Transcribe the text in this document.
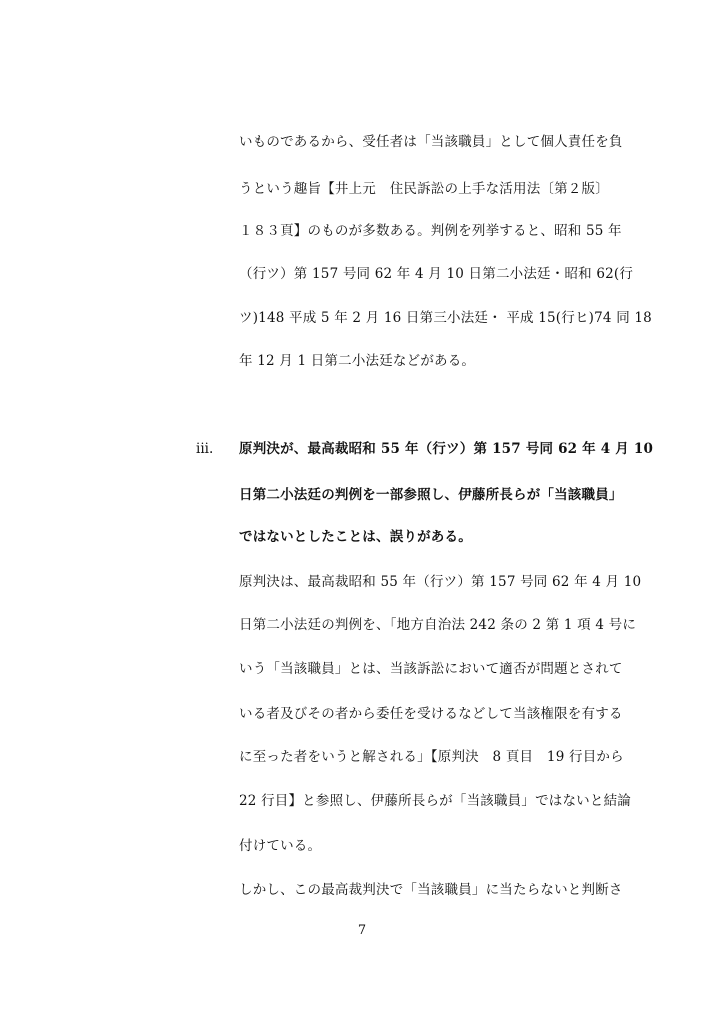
いものであるから、受任者は「当該職員」として個人責任を負
うという趣旨【井上元　住民訴訟の上手な活用法〔第２版〕
１８３頁】のものが多数ある。判例を列挙すると、昭和 55 年
（行ツ）第 157 号同 62 年 4 月 10 日第二小法廷・昭和 62(行
ツ)148 平成 5 年 2 月 16 日第三小法廷・ 平成 15(行ヒ)74 同 18
年 12 月 1 日第二小法廷などがある。
iii. 原判決が、最高裁昭和 55 年（行ツ）第 157 号同 62 年 4 月 10
日第二小法廷の判例を一部参照し、伊藤所長らが「当該職員」
ではないとしたことは、誤りがある。
原判決は、最高裁昭和 55 年（行ツ）第 157 号同 62 年 4 月 10
日第二小法廷の判例を、「地方自治法 242 条の 2 第 1 項 4 号に
いう「当該職員」とは、当該訴訟において適否が問題とされて
いる者及びその者から委任を受けるなどして当該権限を有する
に至った者をいうと解される」【原判決　8 頁目　19 行目から
22 行目】と参照し、伊藤所長らが「当該職員」ではないと結論
付けている。
しかし、この最高裁判決で「当該職員」に当たらないと判断さ
7
